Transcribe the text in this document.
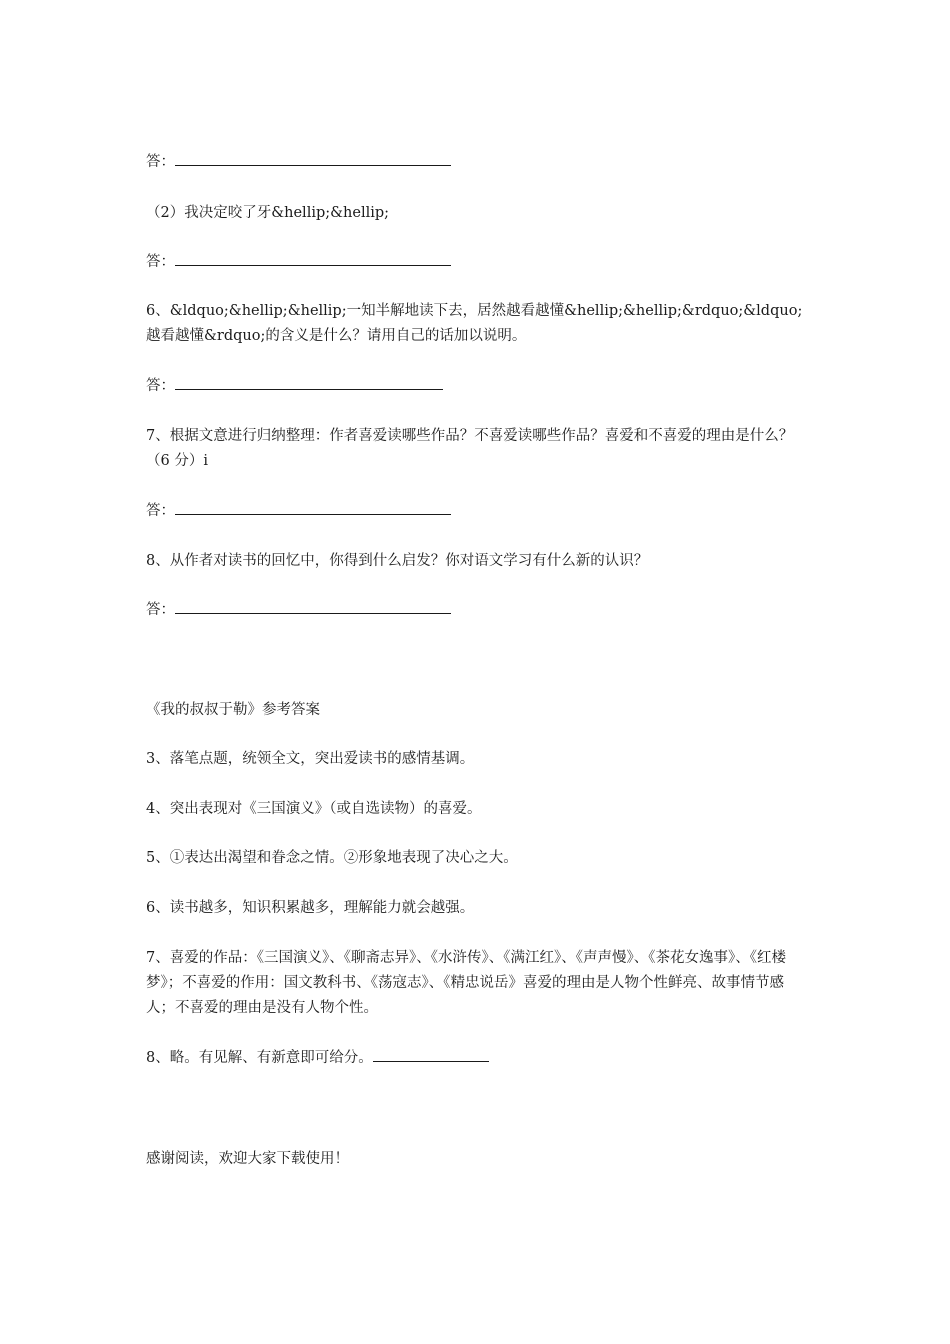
答：
（2）我决定咬了牙&hellip;&hellip;
答：
6、&ldquo;&hellip;&hellip;一知半解地读下去，居然越看越懂&hellip;&hellip;&rdquo;&ldquo;越看越懂&rdquo;的含义是什么？请用自己的话加以说明。
答：
7、根据文意进行归纳整理：作者喜爱读哪些作品？不喜爱读哪些作品？喜爱和不喜爱的理由是什么？（6 分）i
答：
8、从作者对读书的回忆中，你得到什么启发？你对语文学习有什么新的认识？
答：
《我的叔叔于勒》参考答案
3、落笔点题，统领全文，突出爱读书的感情基调。
4、突出表现对《三国演义》（或自选读物）的喜爱。
5、①表达出渴望和眷念之情。②形象地表现了决心之大。
6、读书越多，知识积累越多，理解能力就会越强。
7、喜爱的作品：《三国演义》、《聊斋志异》、《水浒传》、《满江红》、《声声慢》、《茶花女逸事》、《红楼梦》；不喜爱的作用：国文教科书、《荡寇志》、《精忠说岳》喜爱的理由是人物个性鲜亮、故事情节感人；不喜爱的理由是没有人物个性。
8、略。有见解、有新意即可给分。
感谢阅读，欢迎大家下载使用！
